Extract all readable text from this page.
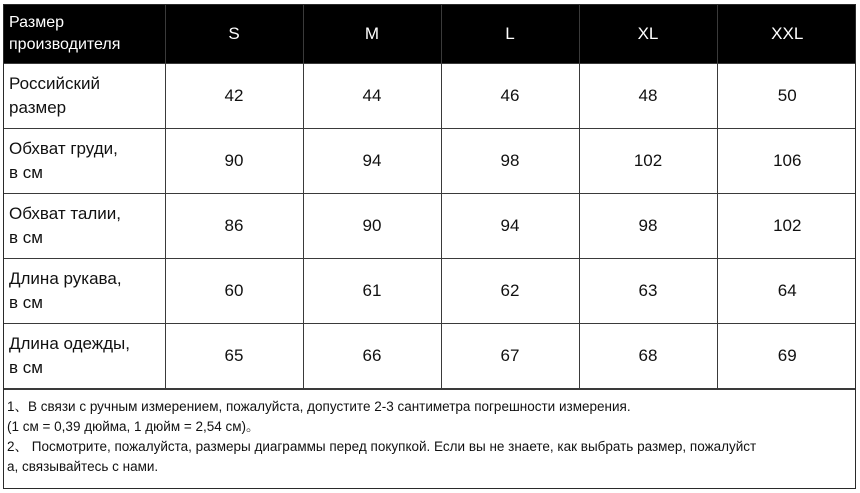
Размер
производителя	S	M	L	XL	XXL

Российский
размер	42	44	46	48	50

Обхват груди,
в см	90	94	98	102	106

Обхват талии,
в см	86	90	94	98	102

Длина рукава,
в см	60	61	62	63	64

Длина одежды,
в см	65	66	67	68	69
1、В связи с ручным измерением, пожалуйста, допустите 2-3 сантиметра погрешности измерения.
(1 см = 0,39 дюйма, 1 дюйм = 2,54 см)。
2、 Посмотрите, пожалуйста, размеры диаграммы перед покупкой. Если вы не знаете, как выбрать размер, пожалуйст
а, связывайтесь с нами.
